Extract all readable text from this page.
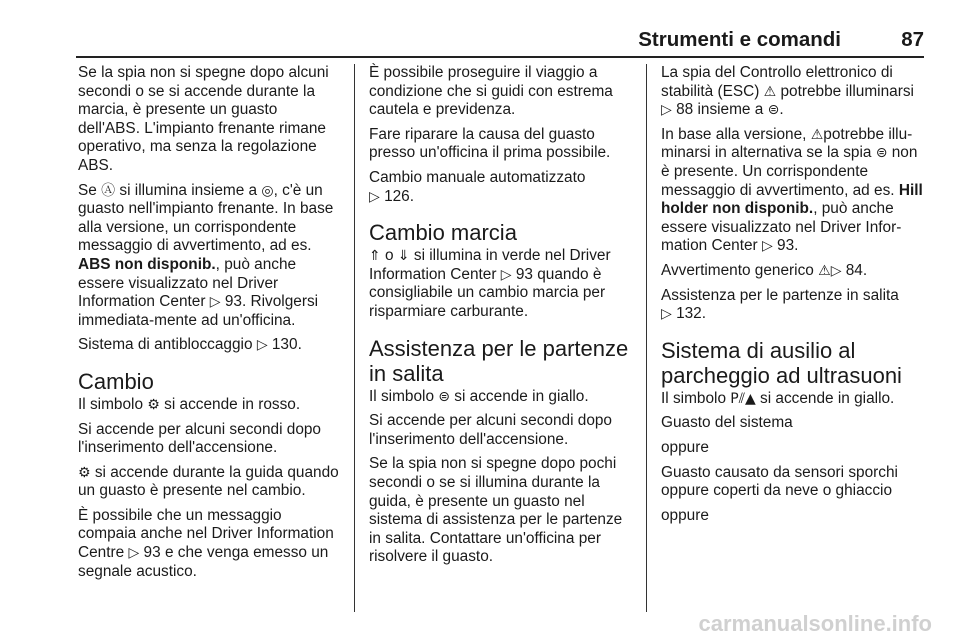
Strumenti e comandi	87

Se la spia non si spegne dopo alcuni secondi o se si accende durante la marcia, è presente un guasto dell'ABS. L'impianto frenante rimane operativo, ma senza la regolazione ABS.

Se Ⓐ si illumina insieme a ◎, c'è un guasto nell'impianto frenante. In base alla versione, un corrispondente messaggio di avvertimento, ad es. ABS non disponib., può anche essere visualizzato nel Driver Information Center ▷ 93. Rivolgersi immediata-mente ad un'officina.

Sistema di antibloccaggio ▷ 130.

Cambio

Il simbolo ⚙ si accende in rosso.

Si accende per alcuni secondi dopo l'inserimento dell'accensione.

⚙ si accende durante la guida quando un guasto è presente nel cambio.

È possibile che un messaggio compaia anche nel Driver Information Centre ▷ 93 e che venga emesso un segnale acustico.

È possibile proseguire il viaggio a condizione che si guidi con estrema cautela e previdenza.

Fare riparare la causa del guasto presso un'officina il prima possibile.

Cambio manuale automatizzato
▷ 126.

Cambio marcia

⇑ o ⇓ si illumina in verde nel Driver Information Center ▷ 93 quando è consigliabile un cambio marcia per risparmiare carburante.

Assistenza per le partenze in salita

Il simbolo ⊜ si accende in giallo.

Si accende per alcuni secondi dopo l'inserimento dell'accensione.

Se la spia non si spegne dopo pochi secondi o se si illumina durante la guida, è presente un guasto nel sistema di assistenza per le partenze in salita. Contattare un'officina per risolvere il guasto.

La spia del Controllo elettronico di stabilità (ESC) ⚠ potrebbe illuminarsi ▷ 88 insieme a ⊜.

In base alla versione, ⚠potrebbe illu-minarsi in alternativa se la spia ⊜ non è presente. Un corrispondente messaggio di avvertimento, ad es. Hill holder non disponib., può anche essere visualizzato nel Driver Infor-mation Center ▷ 93.

Avvertimento generico ⚠▷ 84.

Assistenza per le partenze in salita
▷ 132.

Sistema di ausilio al parcheggio ad ultrasuoni

Il simbolo P⫽▲ si accende in giallo.

Guasto del sistema

oppure

Guasto causato da sensori sporchi oppure coperti da neve o ghiaccio

oppure

carmanualsonline.info
